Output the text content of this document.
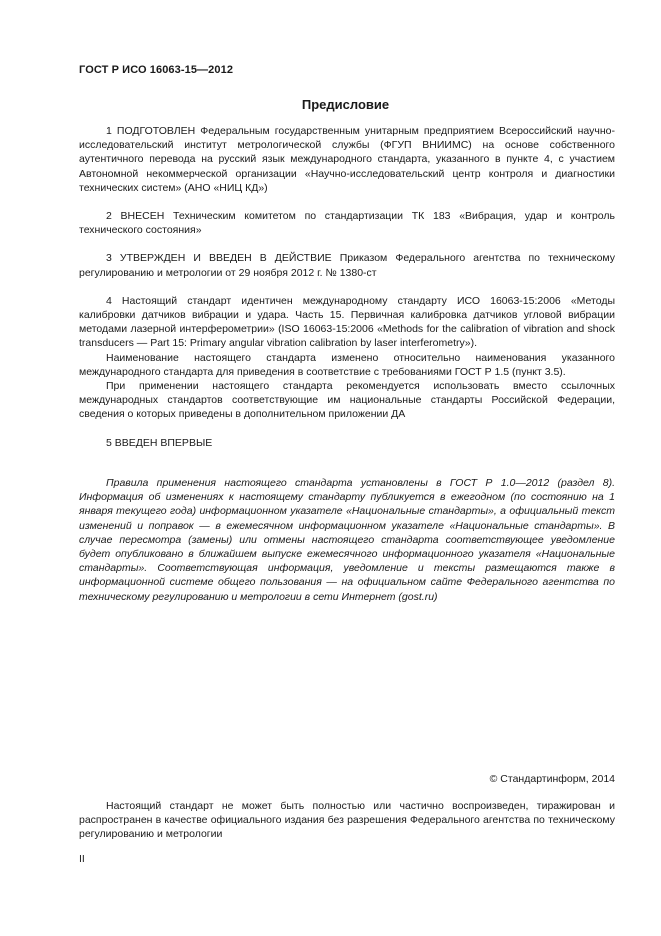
ГОСТ Р ИСО 16063-15—2012
Предисловие

1 ПОДГОТОВЛЕН Федеральным государственным унитарным предприятием Всероссийский научно-исследовательский институт метрологической службы (ФГУП ВНИИМС) на основе собственного аутентичного перевода на русский язык международного стандарта, указанного в пункте 4, с участием Автономной некоммерческой организации «Научно-исследовательский центр контроля и диагностики технических систем» (АНО «НИЦ КД»)

2 ВНЕСЕН Техническим комитетом по стандартизации ТК 183 «Вибрация, удар и контроль технического состояния»

3 УТВЕРЖДЕН И ВВЕДЕН В ДЕЙСТВИЕ Приказом Федерального агентства по техническому регулированию и метрологии от 29 ноября 2012 г. № 1380-ст

4 Настоящий стандарт идентичен международному стандарту ИСО 16063-15:2006 «Методы калибровки датчиков вибрации и удара. Часть 15. Первичная калибровка датчиков угловой вибрации методами лазерной интерферометрии» (ISO 16063-15:2006 «Methods for the calibration of vibration and shock transducers — Part 15: Primary angular vibration calibration by laser interferometry»).

Наименование настоящего стандарта изменено относительно наименования указанного международного стандарта для приведения в соответствие с требованиями ГОСТ Р 1.5 (пункт 3.5).

При применении настоящего стандарта рекомендуется использовать вместо ссылочных международных стандартов соответствующие им национальные стандарты Российской Федерации, сведения о которых приведены в дополнительном приложении ДА

5 ВВЕДЕН ВПЕРВЫЕ

Правила применения настоящего стандарта установлены в ГОСТ Р 1.0—2012 (раздел 8). Информация об изменениях к настоящему стандарту публикуется в ежегодном (по состоянию на 1 января текущего года) информационном указателе «Национальные стандарты», а официальный текст изменений и поправок — в ежемесячном информационном указателе «Национальные стандарты». В случае пересмотра (замены) или отмены настоящего стандарта соответствующее уведомление будет опубликовано в ближайшем выпуске ежемесячного информационного указателя «Национальные стандарты». Соответствующая информация, уведомление и тексты размещаются также в информационной системе общего пользования — на официальном сайте Федерального агентства по техническому регулированию и метрологии в сети Интернет (gost.ru)

© Стандартинформ, 2014

Настоящий стандарт не может быть полностью или частично воспроизведен, тиражирован и распространен в качестве официального издания без разрешения Федерального агентства по техническому регулированию и метрологии

II
